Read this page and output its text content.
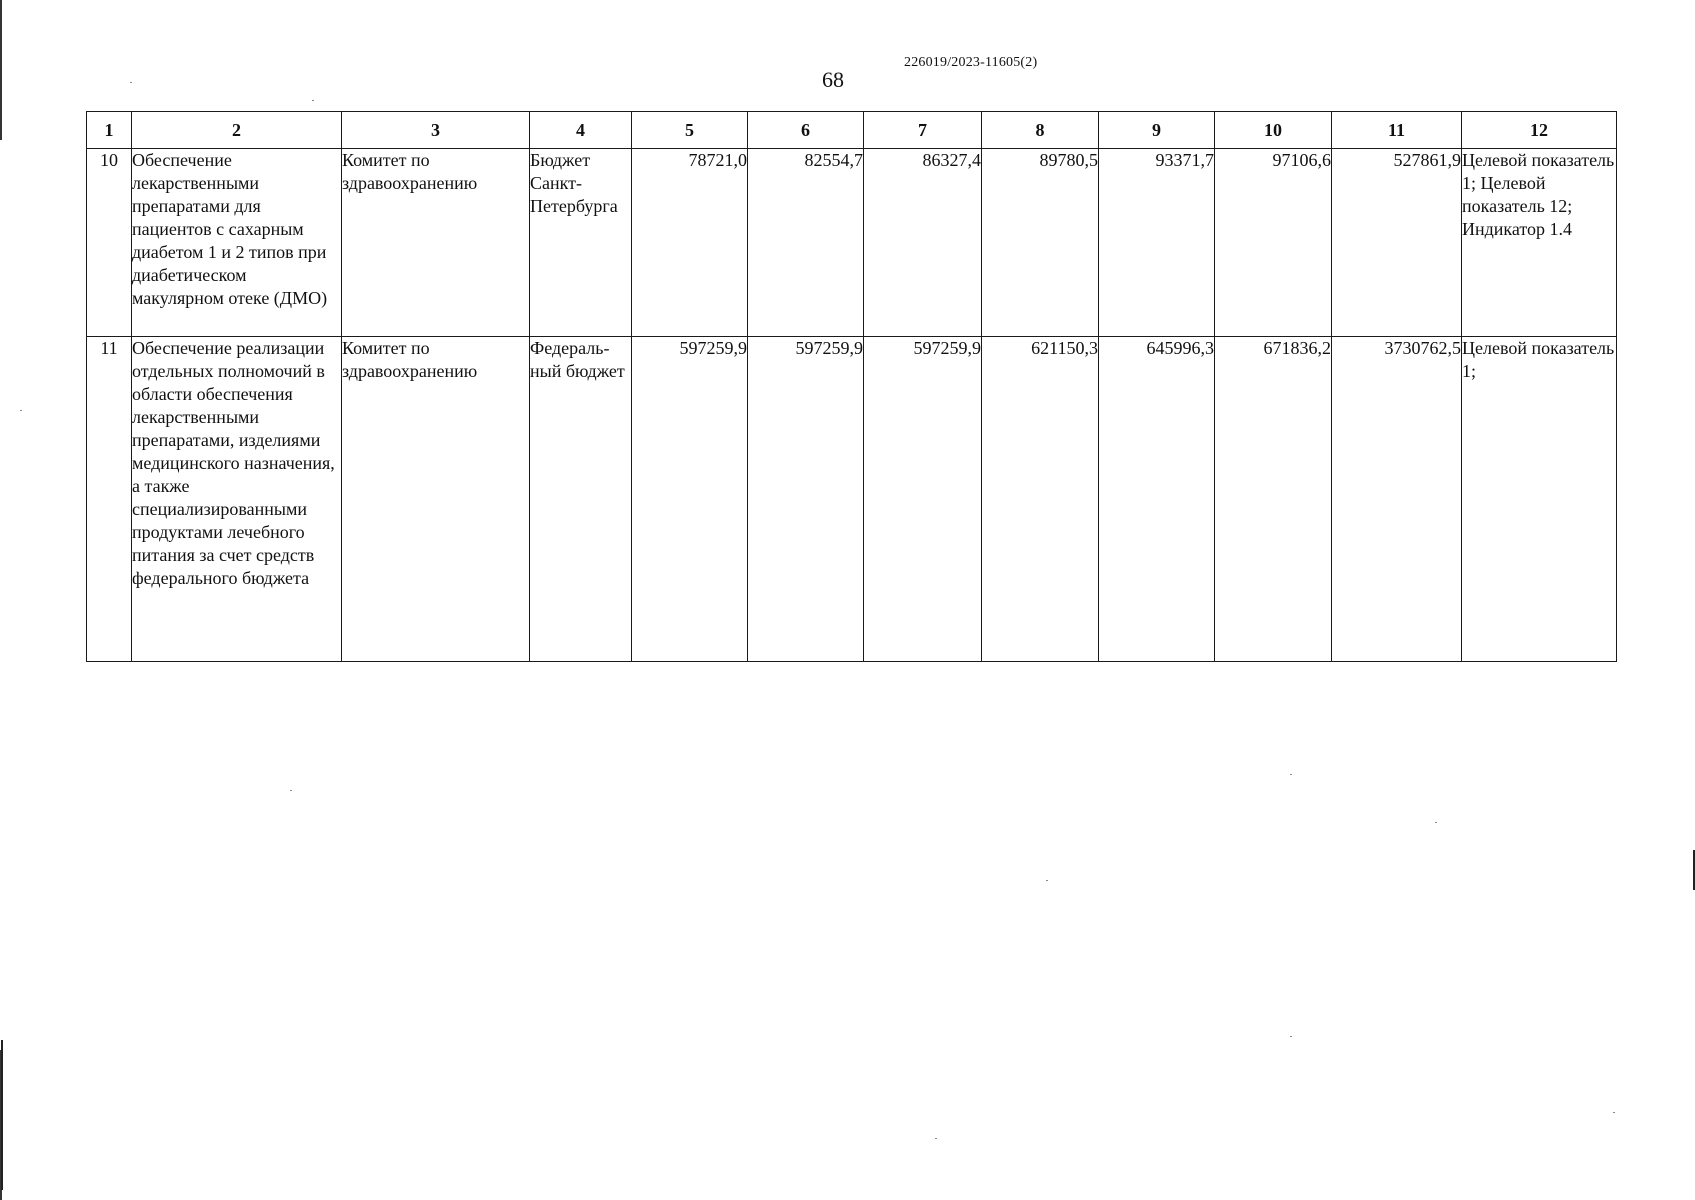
226019/2023-11605(2)
68
1	2	3	4	5	6	7	8	9	10	11	12
10	Обеспечение лекарственными препаратами для пациентов с сахарным диабетом 1 и 2 типов при диабетическом макулярном отеке (ДМО)	Комитет по здравоохранению	Бюджет Санкт-Петербурга	78721,0	82554,7	86327,4	89780,5	93371,7	97106,6	527861,9	Целевой показатель 1; Целевой показатель 12; Индикатор 1.4
11	Обеспечение реализации отдельных полномочий в области обеспечения лекарственными препаратами, изделиями медицинского назначения, а также специализированными продуктами лечебного питания за счет средств федерального бюджета	Комитет по здравоохранению	Федераль-ный бюджет	597259,9	597259,9	597259,9	621150,3	645996,3	671836,2	3730762,5	Целевой показатель 1;
